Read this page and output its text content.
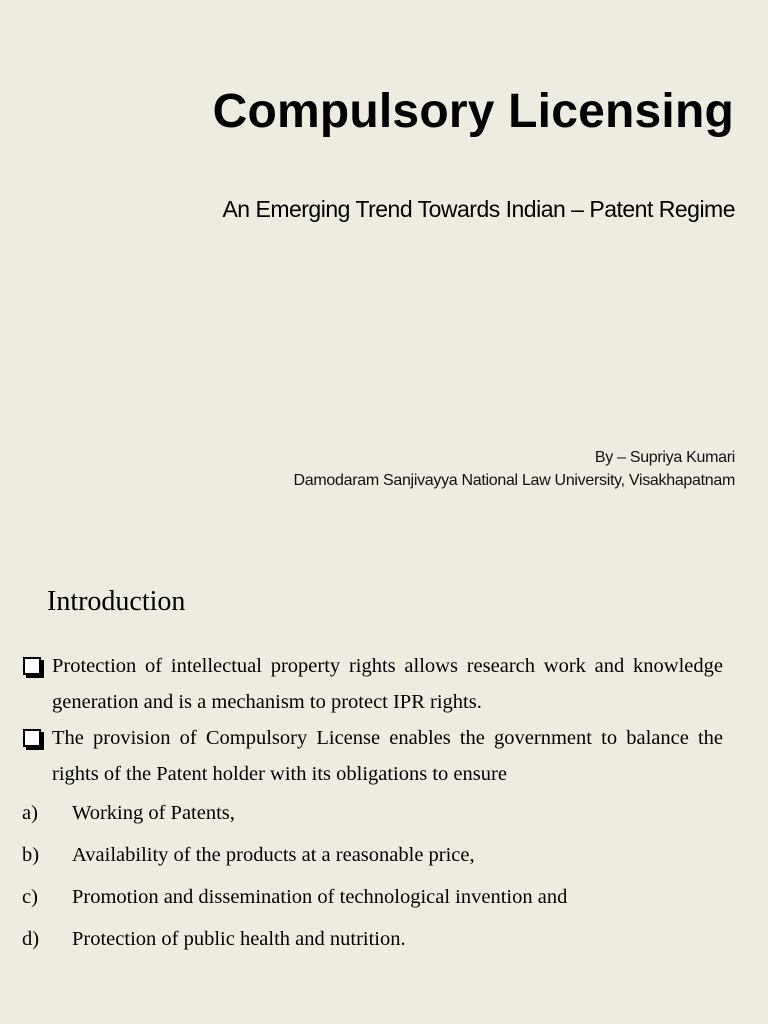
Compulsory Licensing
An Emerging Trend Towards Indian – Patent Regime
By – Supriya Kumari
Damodaram Sanjivayya National Law University, Visakhapatnam
Introduction
Protection of intellectual property rights allows research work and knowledge generation and is a mechanism to protect IPR rights.
The provision of Compulsory License enables the government to balance the rights of the Patent holder with its obligations to ensure
a)	Working of Patents,
b)	Availability of the products at a reasonable price,
c)	Promotion and dissemination of technological invention and
d)	Protection of public health and nutrition.
